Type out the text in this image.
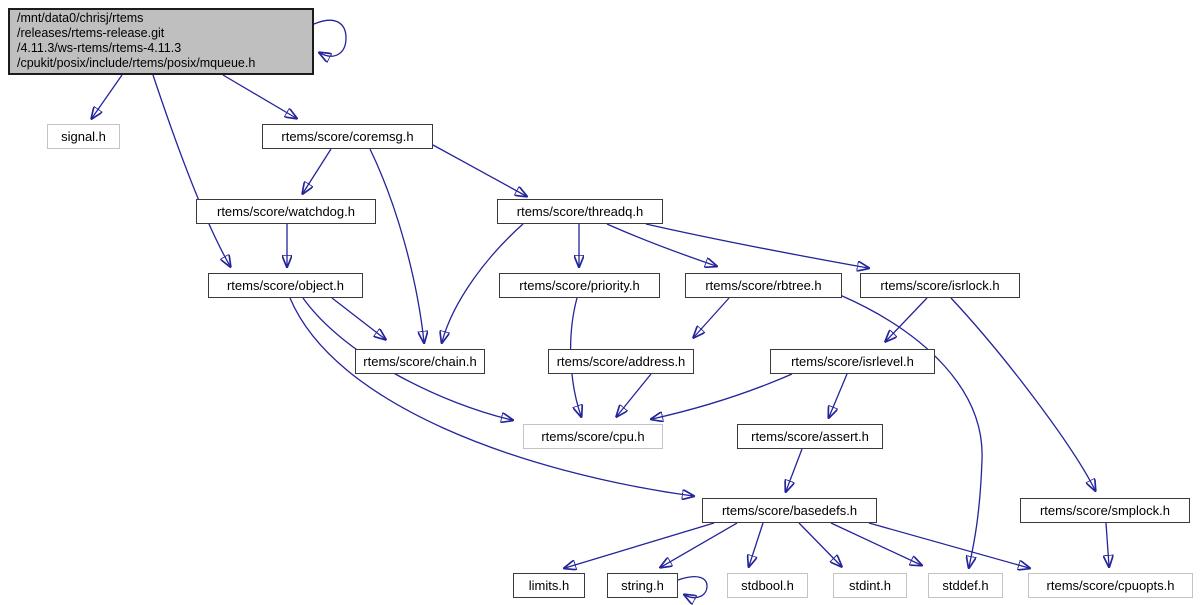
/mnt/data0/chrisj/rtems
/releases/rtems-release.git
/4.11.3/ws-rtems/rtems-4.11.3
/cpukit/posix/include/rtems/posix/mqueue.h
signal.h	rtems/score/coremsg.h
rtems/score/watchdog.h	rtems/score/threadq.h
rtems/score/object.h	rtems/score/priority.h	rtems/score/rbtree.h	rtems/score/isrlock.h
rtems/score/chain.h	rtems/score/address.h	rtems/score/isrlevel.h
rtems/score/cpu.h	rtems/score/assert.h
rtems/score/basedefs.h	rtems/score/smplock.h
limits.h	string.h	stdbool.h	stdint.h	stddef.h	rtems/score/cpuopts.h
